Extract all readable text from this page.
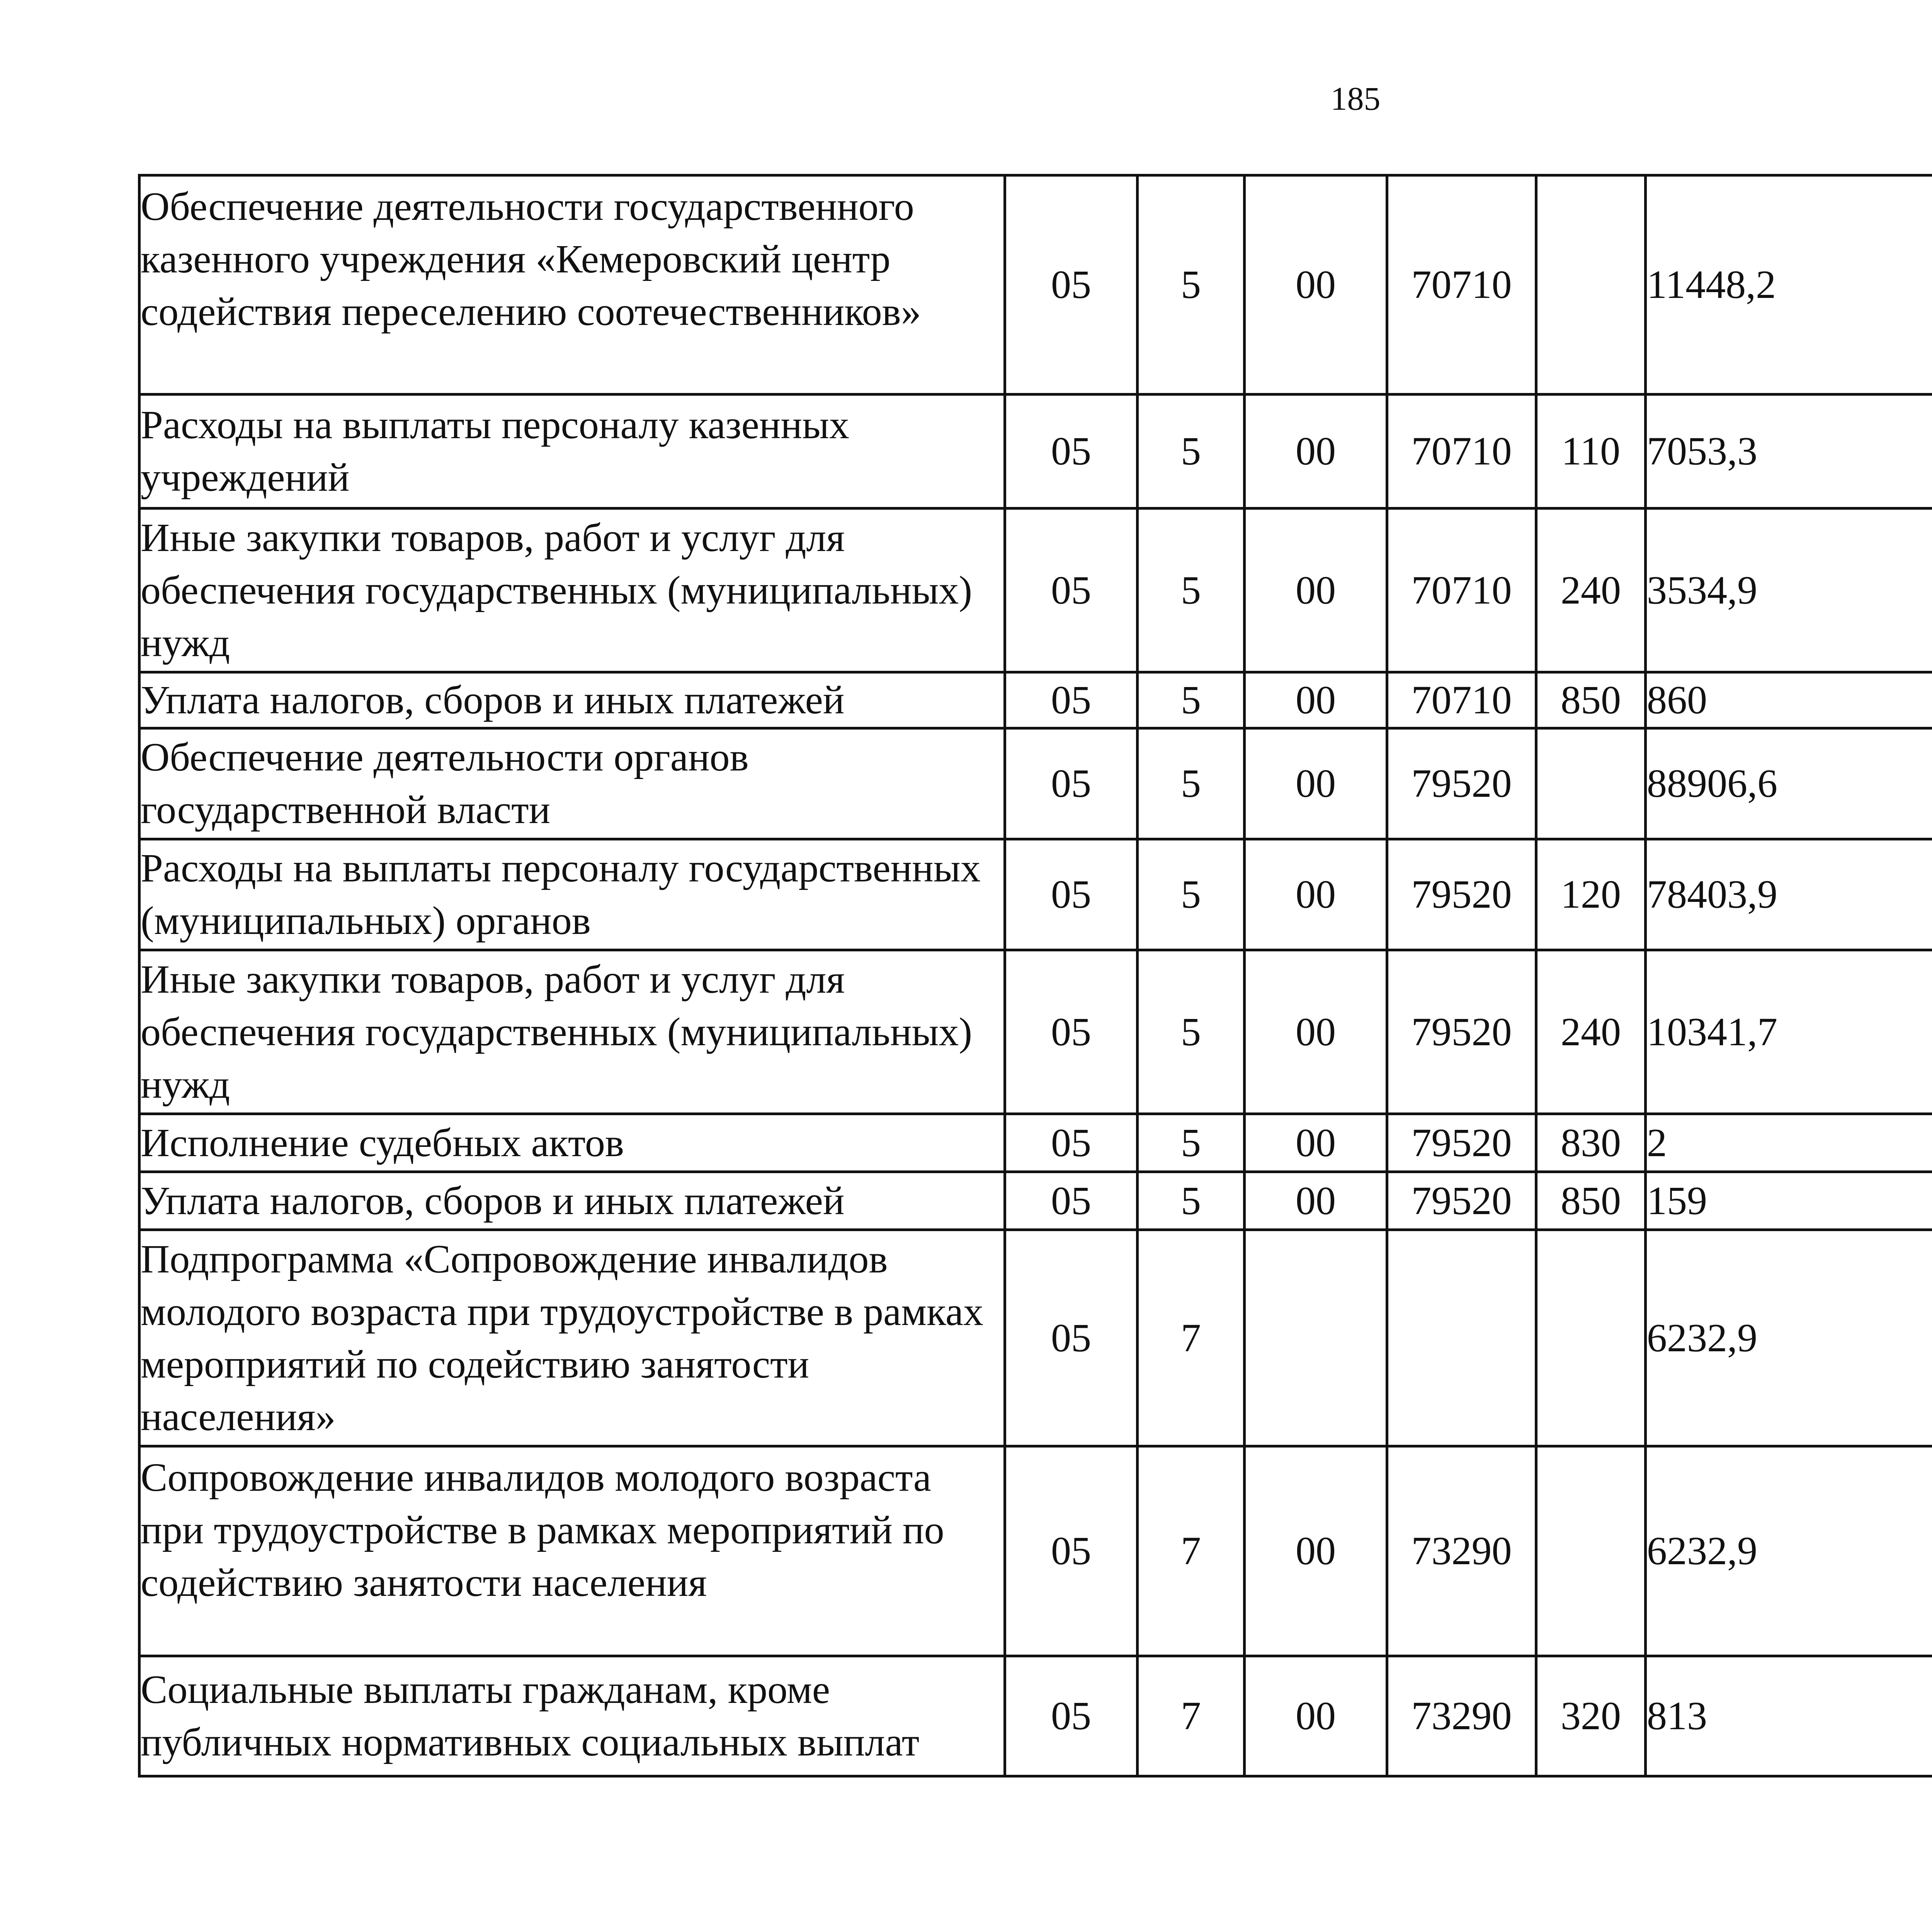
185
Обеспечение деятельности государственного казенного учреждения «Кемеровский центр содействия переселению соотечественников»	05	5	00	70710		11448,2		
Расходы на выплаты персоналу казенных учреждений	05	5	00	70710	110	7053,3		
Иные закупки товаров, работ и услуг для обеспечения государственных (муниципальных) нужд	05	5	00	70710	240	3534,9		
Уплата налогов, сборов и иных платежей	05	5	00	70710	850	860		
Обеспечение деятельности органов государственной власти	05	5	00	79520		88906,6		
Расходы на выплаты персоналу государственных (муниципальных) органов	05	5	00	79520	120	78403,9		
Иные закупки товаров, работ и услуг для обеспечения государственных (муниципальных) нужд	05	5	00	79520	240	10341,7		
Исполнение судебных актов	05	5	00	79520	830	2		
Уплата налогов, сборов и иных платежей	05	5	00	79520	850	159		
Подпрограмма «Сопровождение инвалидов молодого возраста при трудоустройстве в рамках мероприятий по содействию занятости населения»	05	7				6232,9		
Сопровождение инвалидов молодого возраста при трудоустройстве в рамках мероприятий по содействию занятости населения	05	7	00	73290		6232,9		
Социальные выплаты гражданам, кроме публичных нормативных социальных выплат	05	7	00	73290	320	813		
